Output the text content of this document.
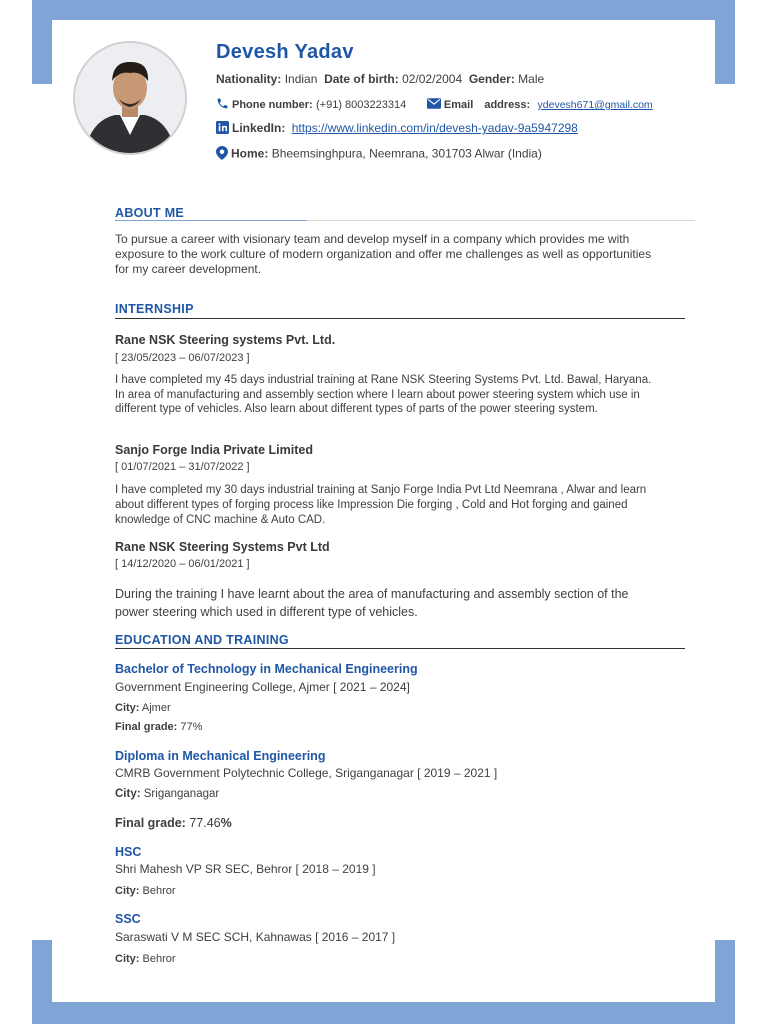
Devesh Yadav
Nationality: Indian Date of birth: 02/02/2004 Gender: Male
Phone number: (+91) 8003223314	Email address: ydevesh671@gmail.com
LinkedIn: https://www.linkedin.com/in/devesh-yadav-9a5947298
Home: Bheemsinghpura, Neemrana, 301703 Alwar (India)
ABOUT ME
To pursue a career with visionary team and develop myself in a company which provides me with exposure to the work culture of modern organization and offer me challenges as well as opportunities for my career development.
INTERNSHIP
Rane NSK Steering systems Pvt. Ltd.
[ 23/05/2023 – 06/07/2023 ]
I have completed my 45 days industrial training at Rane NSK Steering Systems Pvt. Ltd. Bawal, Haryana. In area of manufacturing and assembly section where I learn about power steering system which use in different type of vehicles. Also learn about different types of parts of the power steering system.
Sanjo Forge India Private Limited
[ 01/07/2021 – 31/07/2022 ]
I have completed my 30 days industrial training at Sanjo Forge India Pvt Ltd Neemrana , Alwar and learn about different types of forging process like Impression Die forging , Cold and Hot forging and gained knowledge of CNC machine & Auto CAD.
Rane NSK Steering Systems Pvt Ltd
[ 14/12/2020 – 06/01/2021 ]
During the training I have learnt about the area of manufacturing and assembly section of the power steering which used in different type of vehicles.
EDUCATION AND TRAINING
Bachelor of Technology in Mechanical Engineering
Government Engineering College, Ajmer [ 2021 – 2024]
City: Ajmer
Final grade: 77%
Diploma in Mechanical Engineering
CMRB Government Polytechnic College, Sriganganagar [ 2019 – 2021 ]
City: Sriganganagar
Final grade: 77.46%
HSC
Shri Mahesh VP SR SEC, Behror [ 2018 – 2019 ]
City: Behror
SSC
Saraswati V M SEC SCH, Kahnawas [ 2016 – 2017 ]
City: Behror
